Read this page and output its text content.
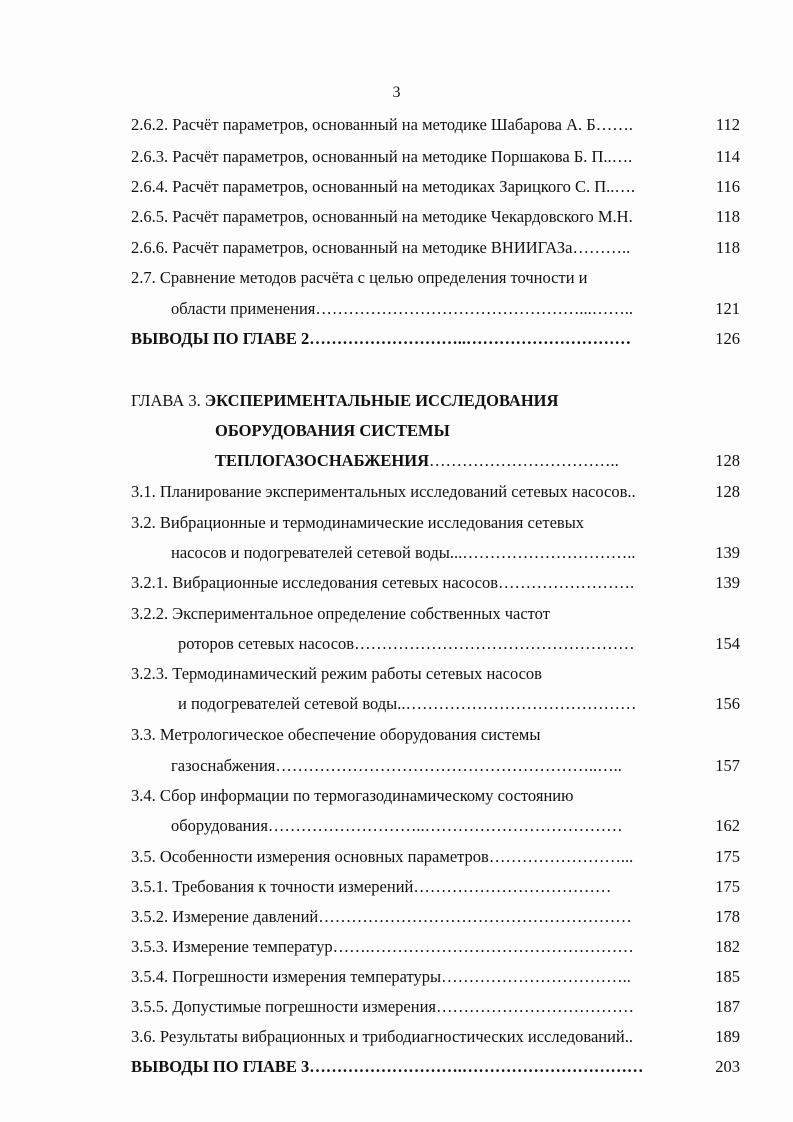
3
2.6.2. Расчёт параметров, основанный на методике Шабарова А. Б…….	112
2.6.3. Расчёт параметров, основанный на методике Поршакова Б. П..….	114
2.6.4. Расчёт параметров, основанный на методиках Зарицкого С. П..….	116
2.6.5. Расчёт параметров, основанный на методике Чекардовского М.Н.	118
2.6.6. Расчёт параметров, основанный на методике ВНИИГАЗа………..	118
2.7. Сравнение методов расчёта с целью определения точности и
области применения…………………………………………...……..	121
ВЫВОДЫ ПО ГЛАВЕ 2………………………..…………………………	126
ГЛАВА 3. ЭКСПЕРИМЕНТАЛЬНЫЕ ИССЛЕДОВАНИЯ
ОБОРУДОВАНИЯ СИСТЕМЫ
ТЕПЛОГАЗОСНАБЖЕНИЯ……………………………..	128
3.1. Планирование экспериментальных исследований сетевых насосов..	128
3.2. Вибрационные и термодинамические исследования сетевых
насосов и подогревателей сетевой воды...…………………………..	139
3.2.1. Вибрационные исследования сетевых насосов…………………….	139
3.2.2. Экспериментальное определение собственных частот
роторов сетевых насосов……………………………………………	154
3.2.3. Термодинамический режим работы сетевых насосов
и подогревателей сетевой воды..……………………………………	156
3.3. Метрологическое обеспечение оборудования системы
газоснабжения…………………………………………………..…..	157
3.4. Сбор информации по термогазодинамическому состоянию
оборудования………………………..………………………………	162
3.5. Особенности измерения основных параметров……………………...	175
3.5.1. Требования к точности измерений………………………………	175
3.5.2. Измерение давлений…………………………………………………	178
3.5.3. Измерение температур…….…………………………………………	182
3.5.4. Погрешности измерения температуры……………………………..	185
3.5.5. Допустимые погрешности измерения………………………………	187
3.6. Результаты вибрационных и трибодиагностических исследований..	189
ВЫВОДЫ ПО ГЛАВЕ 3……………………….……………………………	203
